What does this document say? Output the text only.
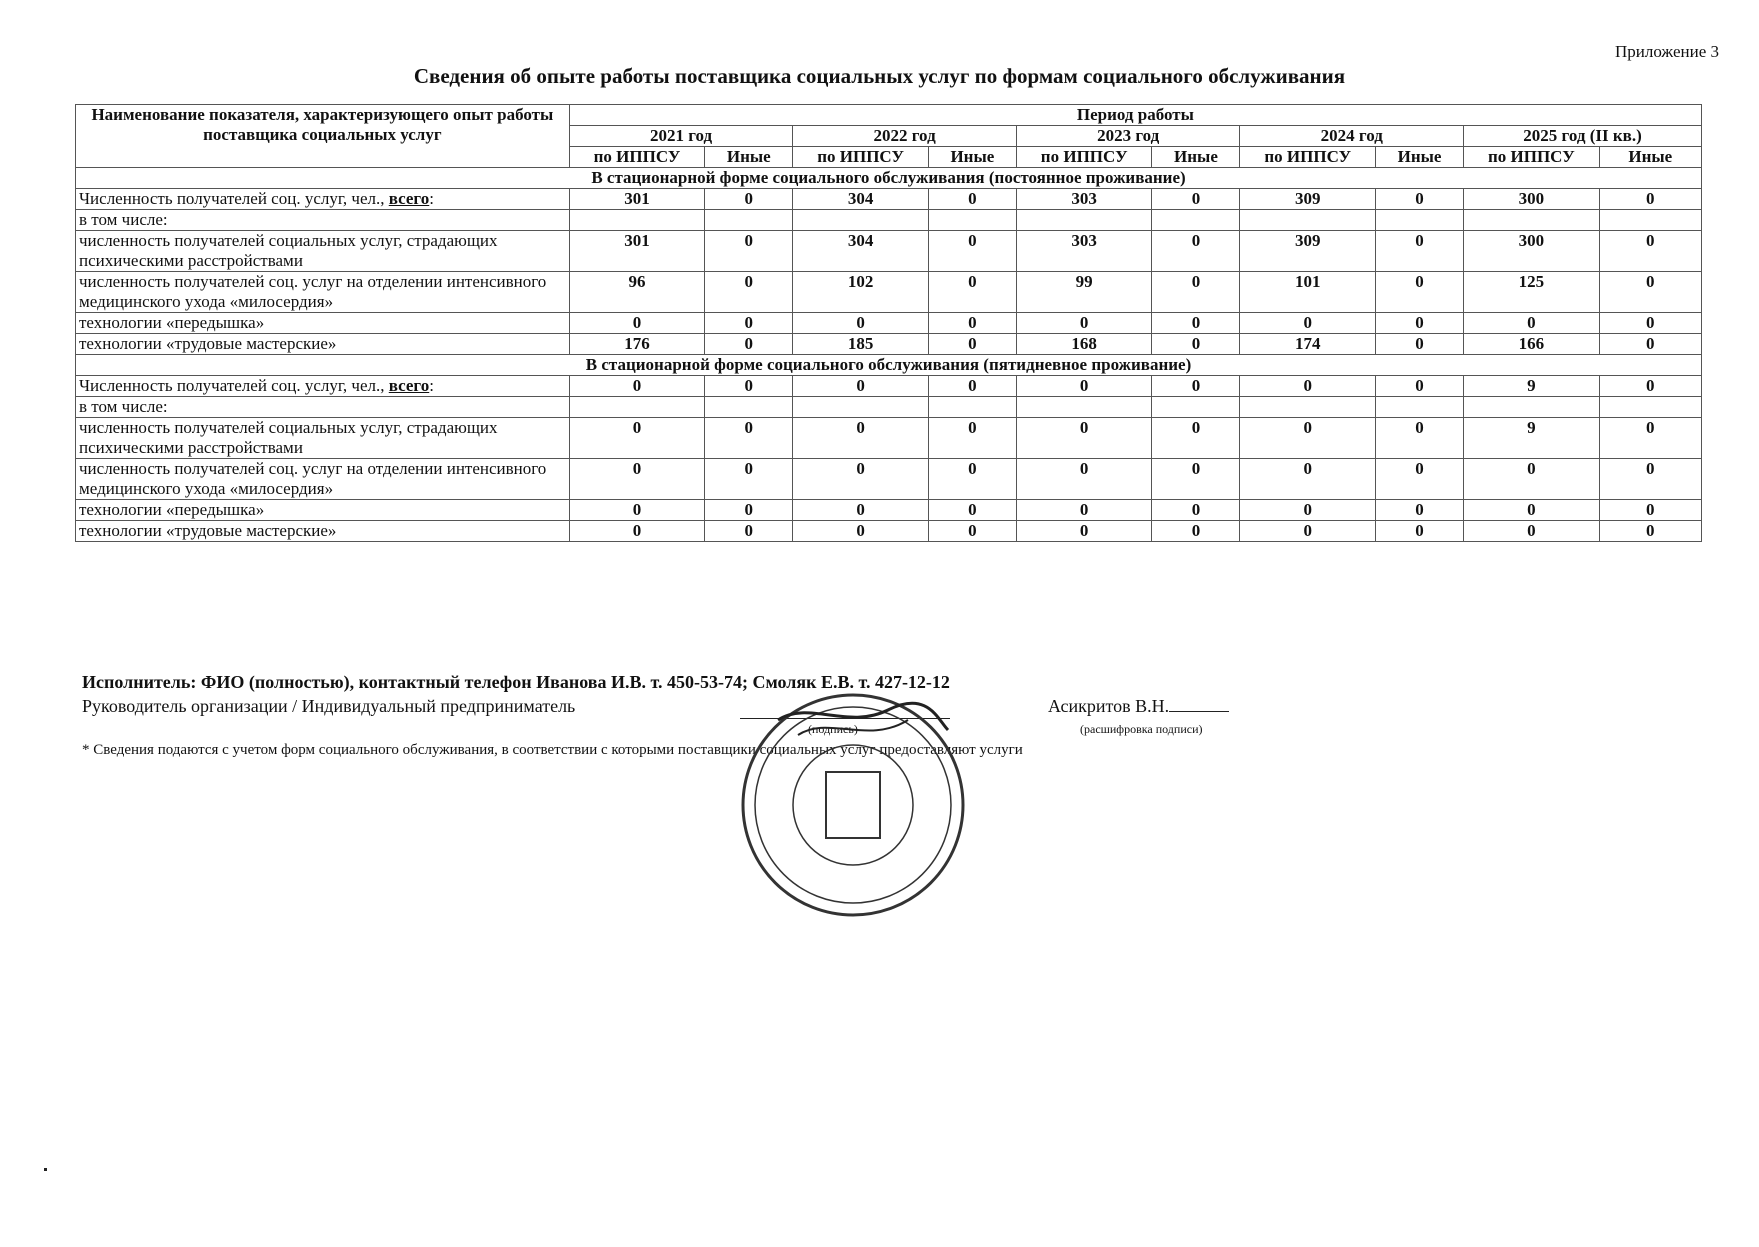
Приложение 3
Сведения об опыте работы поставщика социальных услуг по формам социального обслуживания
Наименование показателя, характеризующего опыт работы поставщика социальных услуг	Период работы									
	2021 год		2022 год		2023 год		2024 год		2025 год (II кв.)	
	по ИППСУ	Иные	по ИППСУ	Иные	по ИППСУ	Иные	по ИППСУ	Иные	по ИППСУ	Иные
В стационарной форме социального обслуживания (постоянное проживание)										
Численность получателей соц. услуг, чел., всего:	301	0	304	0	303	0	309	0	300	0
в том числе:										
численность получателей социальных услуг, страдающих психическими расстройствами	301	0	304	0	303	0	309	0	300	0
численность получателей соц. услуг на отделении интенсивного медицинского ухода «милосердия»	96	0	102	0	99	0	101	0	125	0
технологии «передышка»	0	0	0	0	0	0	0	0	0	0
технологии «трудовые мастерские»	176	0	185	0	168	0	174	0	166	0
В стационарной форме социального обслуживания (пятидневное проживание)										
Численность получателей соц. услуг, чел., всего:	0	0	0	0	0	0	0	0	9	0
в том числе:										
численность получателей социальных услуг, страдающих психическими расстройствами	0	0	0	0	0	0	0	0	9	0
численность получателей соц. услуг на отделении интенсивного медицинского ухода «милосердия»	0	0	0	0	0	0	0	0	0	0
технологии «передышка»	0	0	0	0	0	0	0	0	0	0
технологии «трудовые мастерские»	0	0	0	0	0	0	0	0	0	0
Исполнитель: ФИО (полностью), контактный телефон Иванова И.В. т. 450-53-74; Смоляк Е.В. т. 427-12-12
Руководитель организации / Индивидуальный предприниматель
(подпись)
Асикритов В.Н.
(расшифровка подписи)
* Сведения подаются с учетом форм социального обслуживания, в соответствии с которыми поставщики социальных услуг предоставляют услуги
